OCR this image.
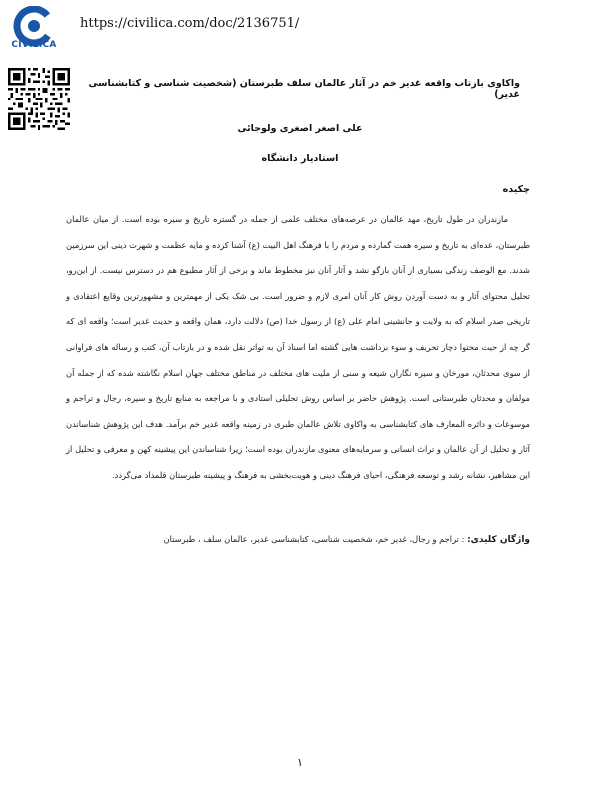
CIVILICA
https://civilica.com/doc/2136751/
واکاوی بازتاب واقعه غدیر خم در آثار عالمان سلف طبرستان (شخصیت شناسی و کتابشناسی غدیر)
علی اصغر اصغری ولوجائی
استادیار دانشگاه
چکیده
مازندران در طول تاریخ، مهد عالمان در عرصه‌های مختلف علمی از جمله در گستره تاریخ و سیره بوده است. از میان عالمان طبرستان، عده‌ای به تاریخ و سیره همت گمارده و مردم را با فرهنگ اهل البیت (ع) آشنا کرده و مایه عظمت و شهرت دینی این سرزمین شدند. مع الوصف زندگی بسیاری از آنان بازگو نشد و آثار آنان نیز مخطوط ماند و برخی از آثار مطبوع هم در دسترس نیست. از این‌رو، تحلیل محتوای آثار و به دست آوردن روش کار آنان امری لازم و ضرور است. بی شک یکی از مهمترین و مشهورترین وقایع اعتقادی و تاریخی صدر اسلام که به ولایت و جانشینی امام علی (ع) از رسول خدا (ص) دلالت دارد، همان واقعه و حدیث غدیر است؛ واقعه ای که گر چه از حیث محتوا دچار تحریف و سوء برداشت هایی گشته اما اسناد آن به تواتر نقل شده و در بازتاب آن، کتب و رساله های فراوانی از سوی محدثان، مورخان و سیره نگاران شیعه و سنی از ملیت های مختلف در مناطق مختلف جهان اسلام نگاشته شده که از جمله آن مولفان و محدثان طبرستانی است. پژوهش حاضر بر اساس روش تحلیلی استادی و با مراجعه به منابع تاریخ و سیره، رجال و تراجم و موسوعات و دائره المعارف های کتابشناسی به واکاوی تلاش عالمان طبری در زمینه واقعه غدیر خم برآمد. هدف این پژوهش شناساندن آثار و تحلیل از آن عالمان و تراث انسانی و سرمایه‌های معنوی مازندران بوده است؛ زیرا شناساندن این پیشینه کهن و معرفی و تحلیل از این مشاهیر، نشانه رشد و توسعه فرهنگی، احیای فرهنگ دینی و هویت‌بخشی به فرهنگ و پیشینه طبرستان قلمداد می‌گردد.
واژگان کلیدی: : تراجم و رجال، غدیر خم، شخصیت شناسی، کتابشناسی غدیر، عالمان سلف ، طبرستان
۱
